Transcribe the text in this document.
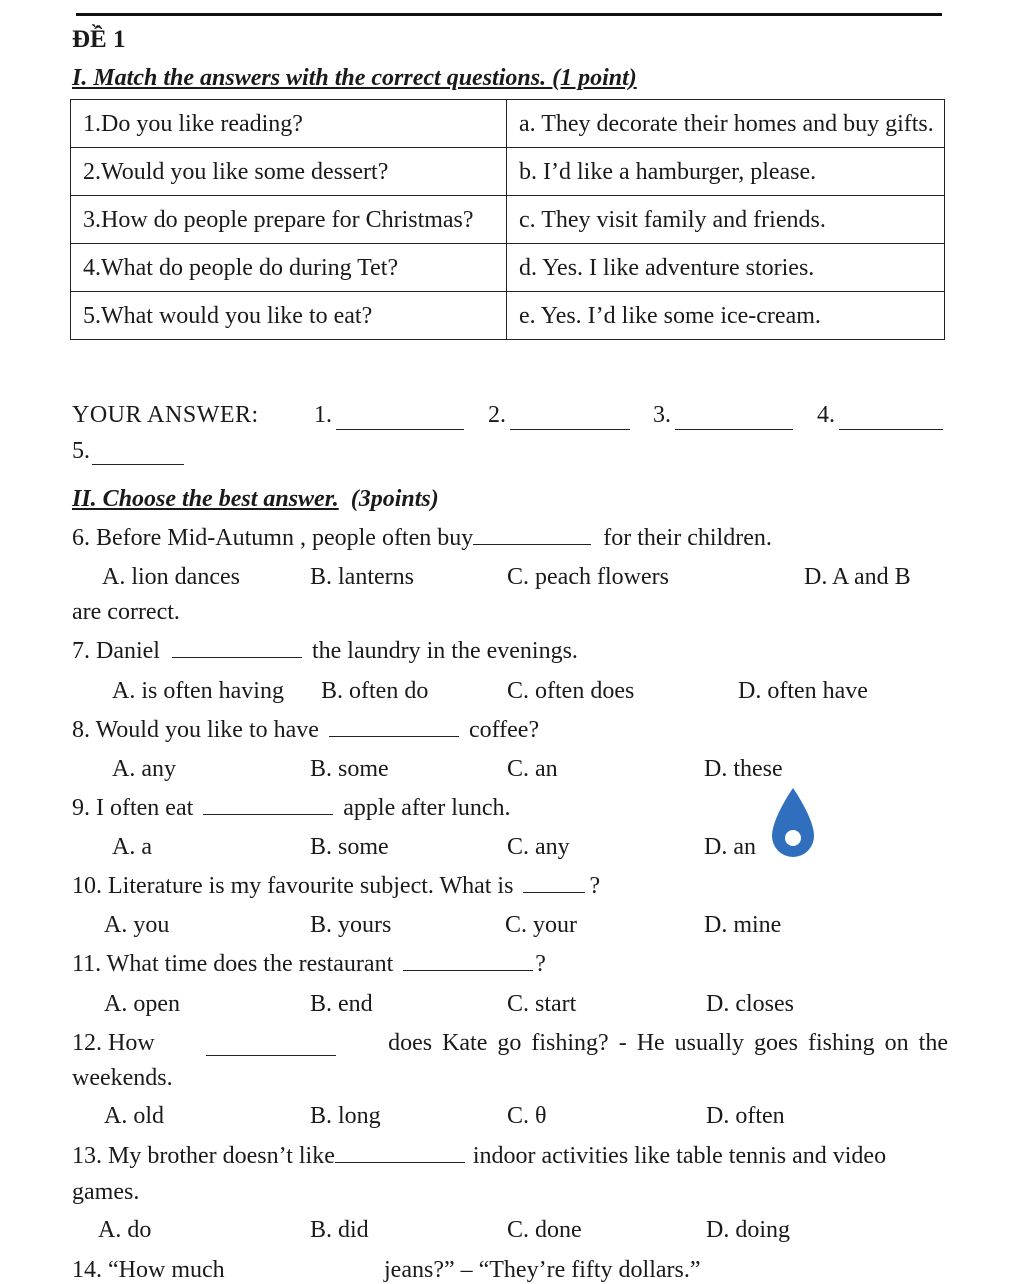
ĐỀ 1
I. Match the answers with the correct questions. (1 point)
1.Do you like reading?	a. They decorate their homes and buy gifts.
2.Would you like some dessert?	b. I’d like a hamburger, please.
3.How do people prepare for Christmas?	c. They visit family and friends.
4.What do people do during Tet?	d. Yes. I like adventure stories.
5.What would you like to eat?	e. Yes. I’d like some ice-cream.
YOUR ANSWER: 1.	2.	3.	4.
5.
II. Choose the best answer. (3points)
6. Before Mid-Autumn , people often buy	for their children.
A. lion dances	B. lanterns	C. peach flowers	D. A and B
are correct.
7. Daniel	the laundry in the evenings.
A. is often having B. often do	C. often does	D. often have
8. Would you like to have	coffee?
A. any	B. some	C. an	D. these
9. I often eat	apple after lunch.
A. a	B. some	C. any	D. an
10. Literature is my favourite subject. What is	?
A. you	B. yours	C. your	D. mine
11. What time does the restaurant	?
A. open	B. end	C. start	D. closes
12. How	does Kate go fishing? - He usually goes fishing on the
weekends.
A. old	B. long	C. θ	D. often
13. My brother doesn’t like	indoor activities like table tennis and video
games.
A. do	B. did	C. done	D. doing
14. “How much	jeans?” – “They’re fifty dollars.”
